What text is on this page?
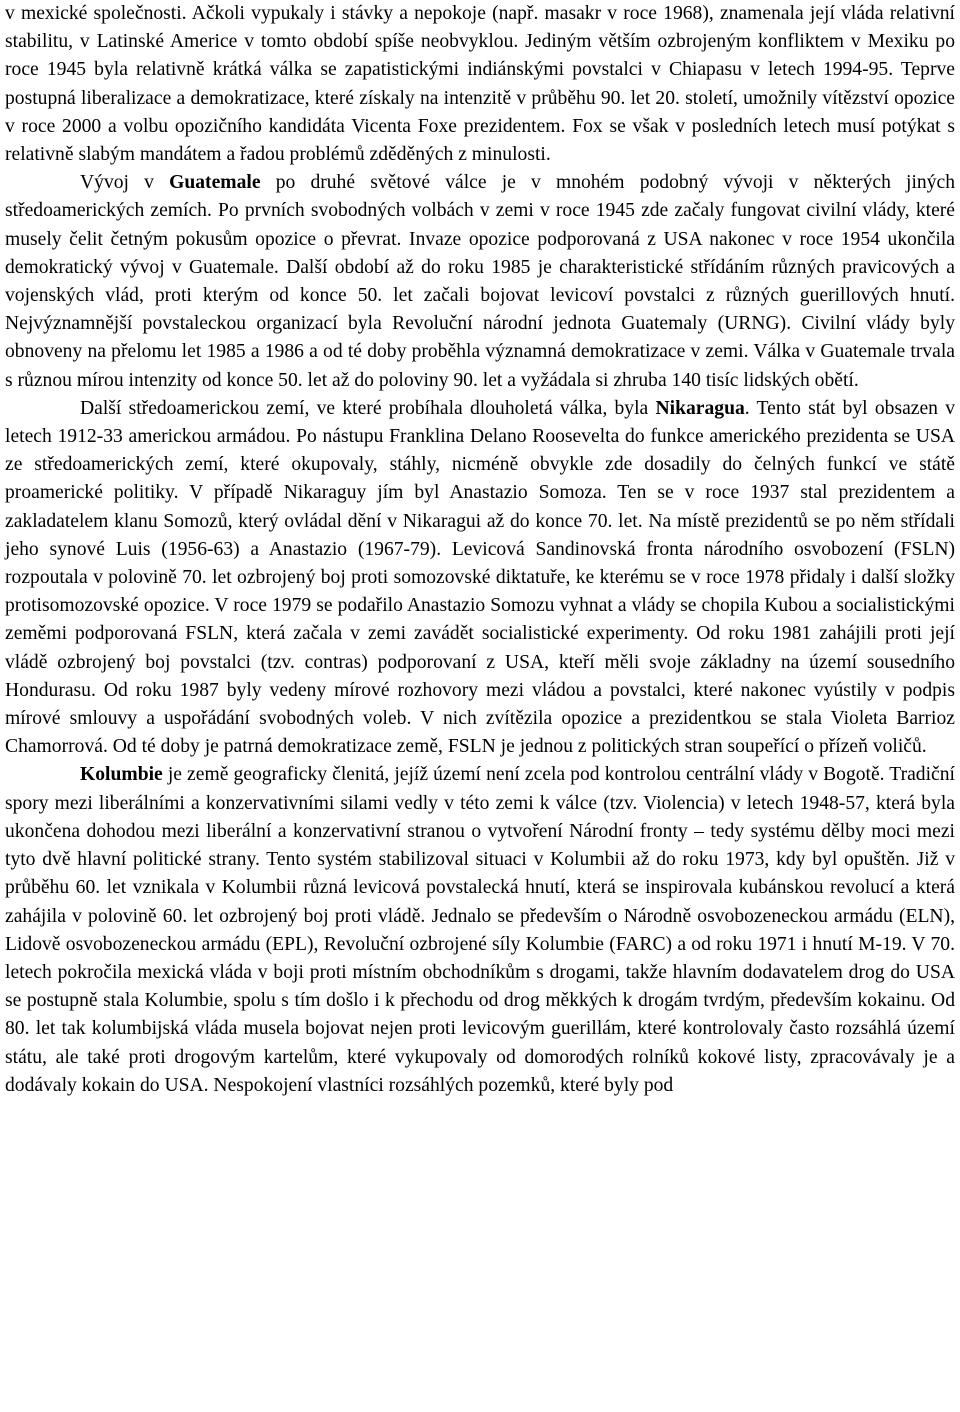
v mexické společnosti. Ačkoli vypukaly i stávky a nepokoje (např. masakr v roce 1968), znamenala její vláda relativní stabilitu, v Latinské Americe v tomto období spíše neobvyklou. Jediným větším ozbrojeným konfliktem v Mexiku po roce 1945 byla relativně krátká válka se zapatistickými indiánskými povstalci v Chiapasu v letech 1994-95. Teprve postupná liberalizace a demokratizace, které získaly na intenzitě v průběhu 90. let 20. století, umožnily vítězství opozice v roce 2000 a volbu opozičního kandidáta Vicenta Foxe prezidentem. Fox se však v posledních letech musí potýkat s relativně slabým mandátem a řadou problémů zděděných z minulosti.

Vývoj v Guatemale po druhé světové válce je v mnohém podobný vývoji v některých jiných středoamerických zemích. Po prvních svobodných volbách v zemi v roce 1945 zde začaly fungovat civilní vlády, které musely čelit četným pokusům opozice o převrat. Invaze opozice podporovaná z USA nakonec v roce 1954 ukončila demokratický vývoj v Guatemale. Další období až do roku 1985 je charakteristické střídáním různých pravicových a vojenských vlád, proti kterým od konce 50. let začali bojovat levicoví povstalci z různých guerillových hnutí. Nejvýznamnější povstaleckou organizací byla Revoluční národní jednota Guatemaly (URNG). Civilní vlády byly obnoveny na přelomu let 1985 a 1986 a od té doby proběhla významná demokratizace v zemi. Válka v Guatemale trvala s různou mírou intenzity od konce 50. let až do poloviny 90. let a vyžádala si zhruba 140 tisíc lidských obětí.

Další středoamerickou zemí, ve které probíhala dlouholetá válka, byla Nikaragua. Tento stát byl obsazen v letech 1912-33 americkou armádou. Po nástupu Franklina Delano Roosevelta do funkce amerického prezidenta se USA ze středoamerických zemí, které okupovaly, stáhly, nicméně obvykle zde dosadily do čelných funkcí ve státě proamerické politiky. V případě Nikaraguy jím byl Anastazio Somoza. Ten se v roce 1937 stal prezidentem a zakladatelem klanu Somozů, který ovládal dění v Nikaragui až do konce 70. let. Na místě prezidentů se po něm střídali jeho synové Luis (1956-63) a Anastazio (1967-79). Levicová Sandinovská fronta národního osvobození (FSLN) rozpoutala v polovině 70. let ozbrojený boj proti somozovské diktatuře, ke kterému se v roce 1978 přidaly i další složky protisomozovské opozice. V roce 1979 se podařilo Anastazio Somozu vyhnat a vlády se chopila Kubou a socialistickými zeměmi podporovaná FSLN, která začala v zemi zavádět socialistické experimenty. Od roku 1981 zahájili proti její vládě ozbrojený boj povstalci (tzv. contras) podporovaní z USA, kteří měli svoje základny na území sousedního Hondurasu. Od roku 1987 byly vedeny mírové rozhovory mezi vládou a povstalci, které nakonec vyústily v podpis mírové smlouvy a uspořádání svobodných voleb. V nich zvítězila opozice a prezidentkou se stala Violeta Barrioz Chamorrová. Od té doby je patrná demokratizace země, FSLN je jednou z politických stran soupeřící o přízeň voličů.

Kolumbie je země geograficky členitá, jejíž území není zcela pod kontrolou centrální vlády v Bogotě. Tradiční spory mezi liberálními a konzervativními silami vedly v této zemi k válce (tzv. Violencia) v letech 1948-57, která byla ukončena dohodou mezi liberální a konzervativní stranou o vytvoření Národní fronty – tedy systému dělby moci mezi tyto dvě hlavní politické strany. Tento systém stabilizoval situaci v Kolumbii až do roku 1973, kdy byl opuštěn. Již v průběhu 60. let vznikala v Kolumbii různá levicová povstalecká hnutí, která se inspirovala kubánskou revolucí a která zahájila v polovině 60. let ozbrojený boj proti vládě. Jednalo se především o Národně osvobozeneckou armádu (ELN), Lidově osvobozeneckou armádu (EPL), Revoluční ozbrojené síly Kolumbie (FARC) a od roku 1971 i hnutí M-19. V 70. letech pokročila mexická vláda v boji proti místním obchodníkům s drogami, takže hlavním dodavatelem drog do USA se postupně stala Kolumbie, spolu s tím došlo i k přechodu od drog měkkých k drogám tvrdým, především kokainu. Od 80. let tak kolumbijská vláda musela bojovat nejen proti levicovým guerillám, které kontrolovaly často rozsáhlá území státu, ale také proti drogovým kartelům, které vykupovaly od domorodých rolníků kokové listy, zpracovávaly je a dodávaly kokain do USA. Nespokojení vlastníci rozsáhlých pozemků, které byly pod
